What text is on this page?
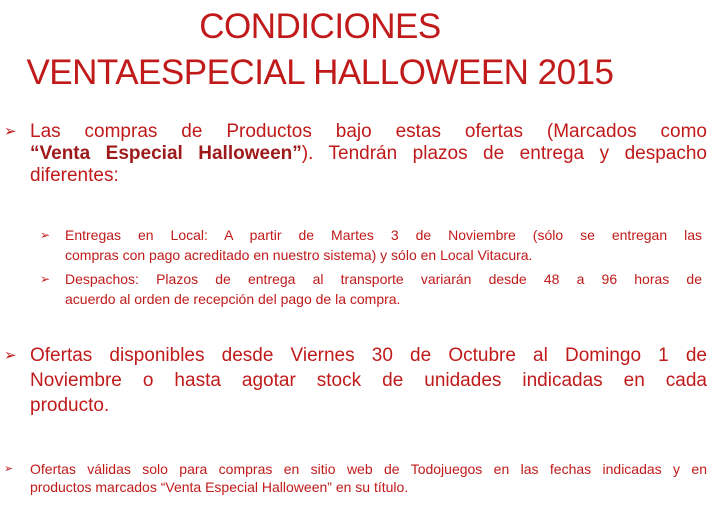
CONDICIONES
VENTAESPECIAL HALLOWEEN 2015
➢ Las compras de Productos bajo estas ofertas (Marcados como
“Venta Especial Halloween”). Tendrán plazos de entrega y despacho
diferentes:
➢	Entregas en Local: A partir de Martes 3 de Noviembre (sólo se entregan las
compras con pago acreditado en nuestro sistema) y sólo en Local Vitacura.
➢	Despachos: Plazos de entrega al transporte variarán desde 48 a 96 horas de
acuerdo al orden de recepción del pago de la compra.
➢ Ofertas disponibles desde Viernes 30 de Octubre al Domingo 1 de
Noviembre o hasta agotar stock de unidades indicadas en cada
producto.
➢	Ofertas válidas solo para compras en sitio web de Todojuegos en las fechas indicadas y en
productos marcados “Venta Especial Halloween” en su título.
